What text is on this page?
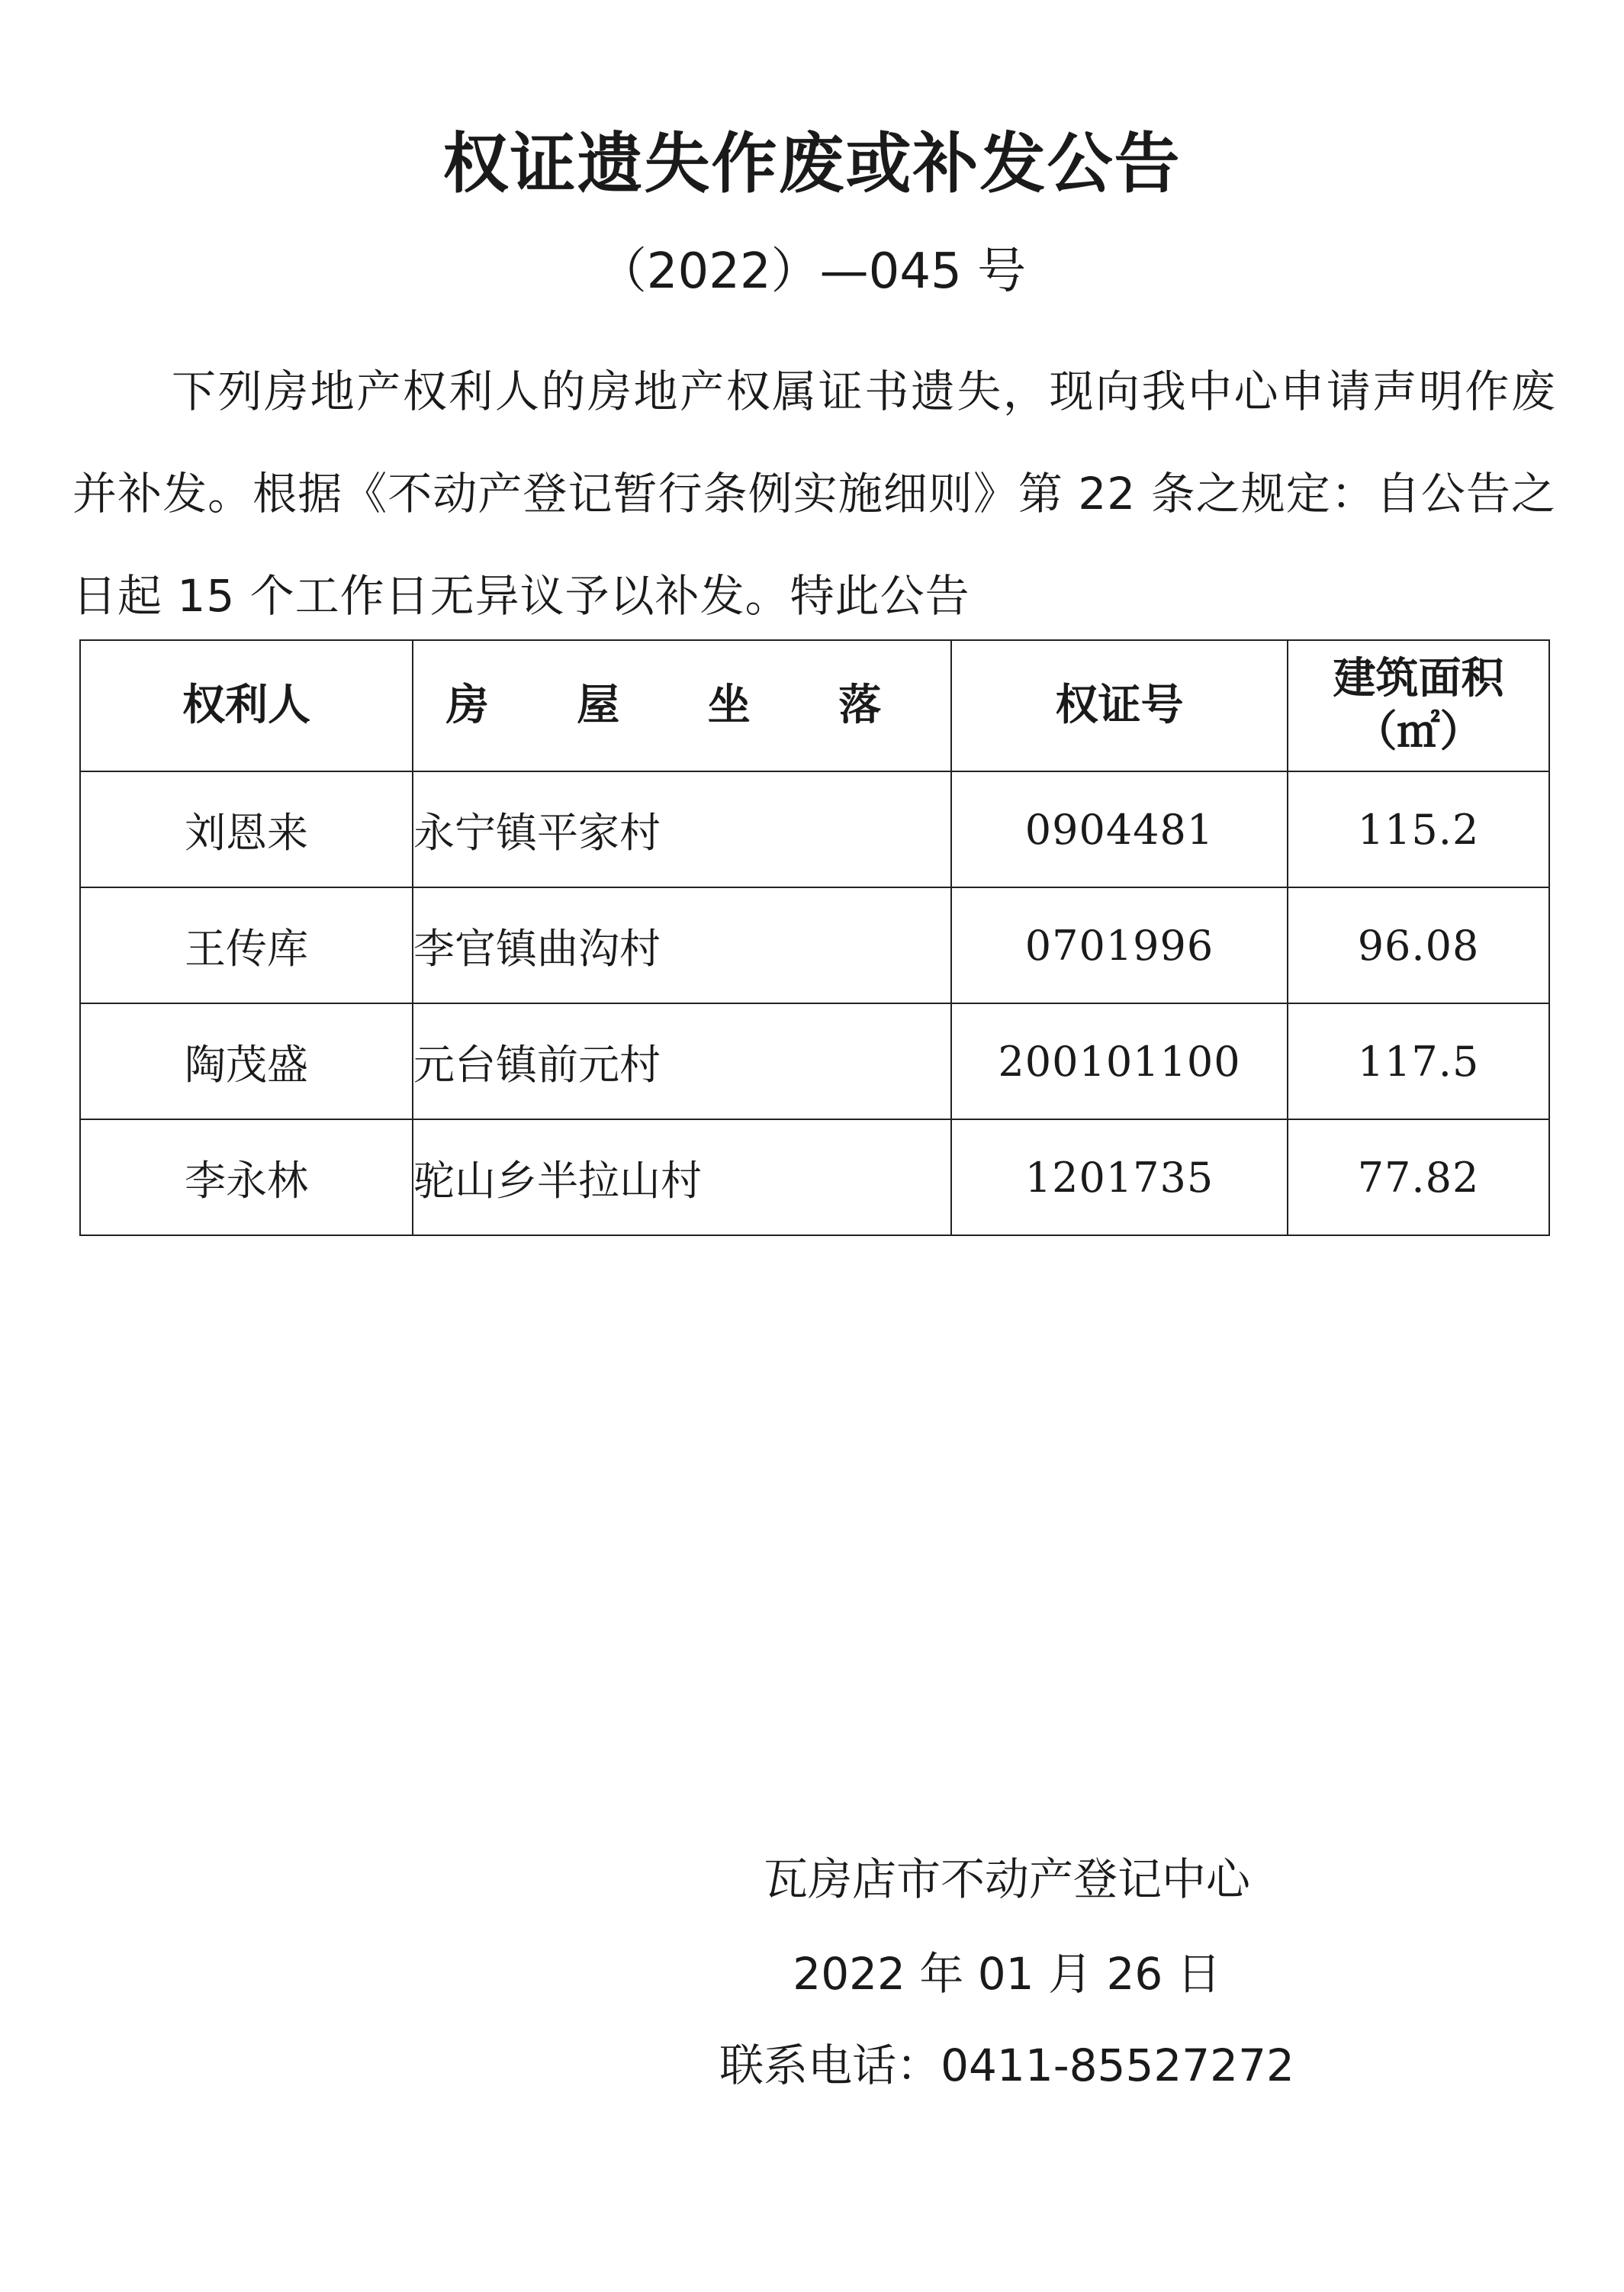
权证遗失作废或补发公告
（2022）—045 号
下列房地产权利人的房地产权属证书遗失，现向我中心申请声明作废并补发。根据《不动产登记暂行条例实施细则》第 22 条之规定：自公告之日起 15 个工作日无异议予以补发。特此公告
权利人	房 屋 坐 落	权证号	建筑面积
（㎡）

刘恩来	永宁镇平家村	0904481	115.2
王传库	李官镇曲沟村	0701996	96.08
陶茂盛	元台镇前元村	200101100	117.5
李永林	驼山乡半拉山村	1201735	77.82
瓦房店市不动产登记中心
2022 年 01 月 26 日
联系电话：0411-85527272
